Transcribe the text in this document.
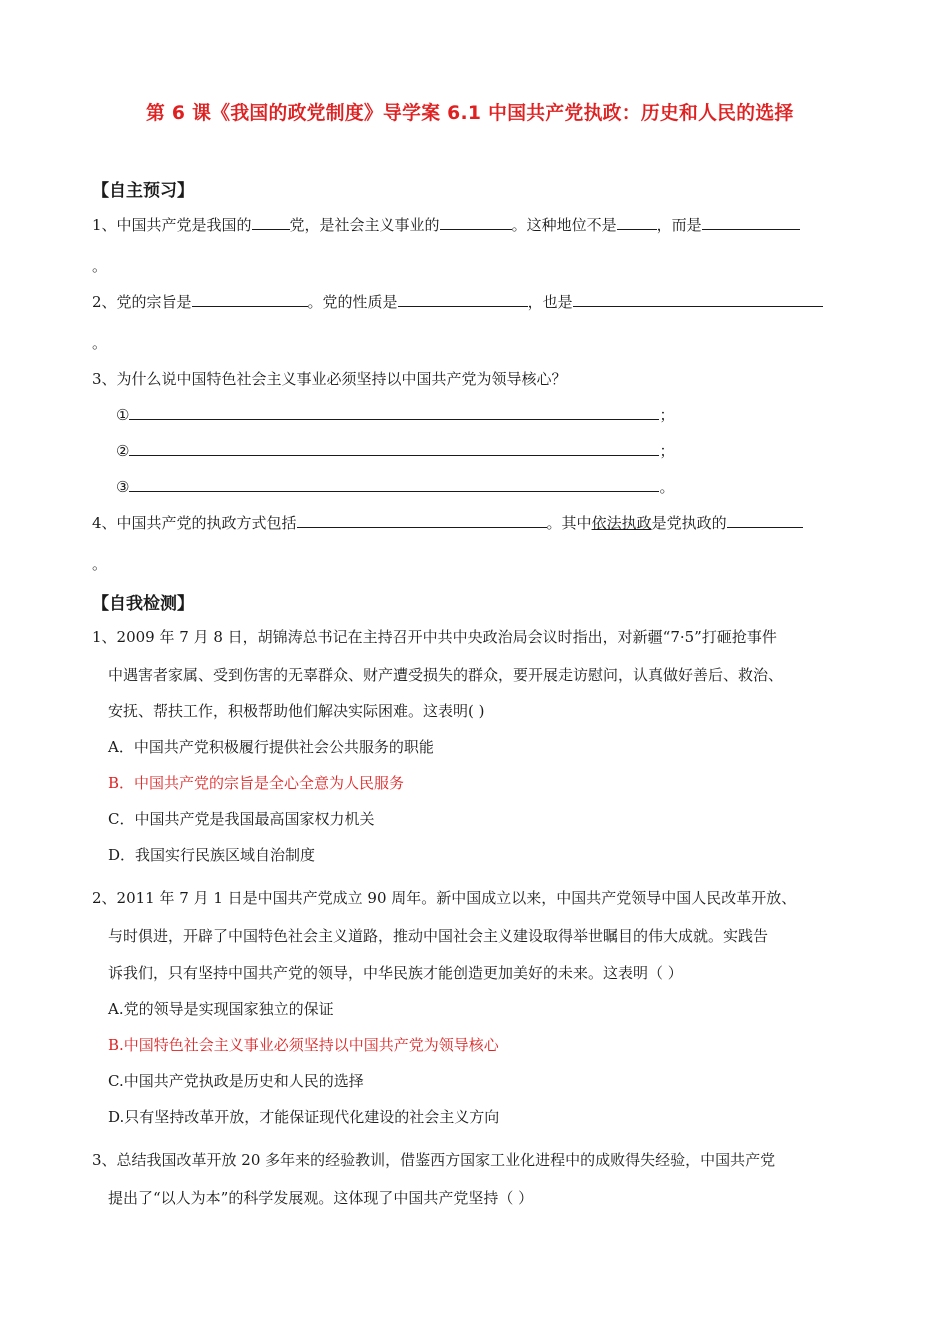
第 6 课《我国的政党制度》导学案 6.1 中国共产党执政：历史和人民的选择
【自主预习】
1、中国共产党是我国的	党，是社会主义事业的	。这种地位不是	，而是
。
2、党的宗旨是	。党的性质是	，也是
。
3、为什么说中国特色社会主义事业必须坚持以中国共产党为领导核心？
①	；
②	；
③	。
4、中国共产党的执政方式包括	。其中依法执政是党执政的
。
【自我检测】
1、2009 年 7 月 8 日，胡锦涛总书记在主持召开中共中央政治局会议时指出，对新疆“7·5”打砸抢事件
中遇害者家属、受到伤害的无辜群众、财产遭受损失的群众，要开展走访慰问，认真做好善后、救治、
安抚、帮扶工作，积极帮助他们解决实际困难。这表明( )
A．中国共产党积极履行提供社会公共服务的职能
B．中国共产党的宗旨是全心全意为人民服务
C．中国共产党是我国最高国家权力机关
D．我国实行民族区域自治制度
2、2011 年 7 月 1 日是中国共产党成立 90 周年。新中国成立以来，中国共产党领导中国人民改革开放、
与时俱进，开辟了中国特色社会主义道路，推动中国社会主义建设取得举世瞩目的伟大成就。实践告
诉我们，只有坚持中国共产党的领导，中华民族才能创造更加美好的未来。这表明（ ）
A.党的领导是实现国家独立的保证
B.中国特色社会主义事业必须坚持以中国共产党为领导核心
C.中国共产党执政是历史和人民的选择
D.只有坚持改革开放，才能保证现代化建设的社会主义方向
3、总结我国改革开放 20 多年来的经验教训，借鉴西方国家工业化进程中的成败得失经验，中国共产党
提出了“以人为本”的科学发展观。这体现了中国共产党坚持（ ）
